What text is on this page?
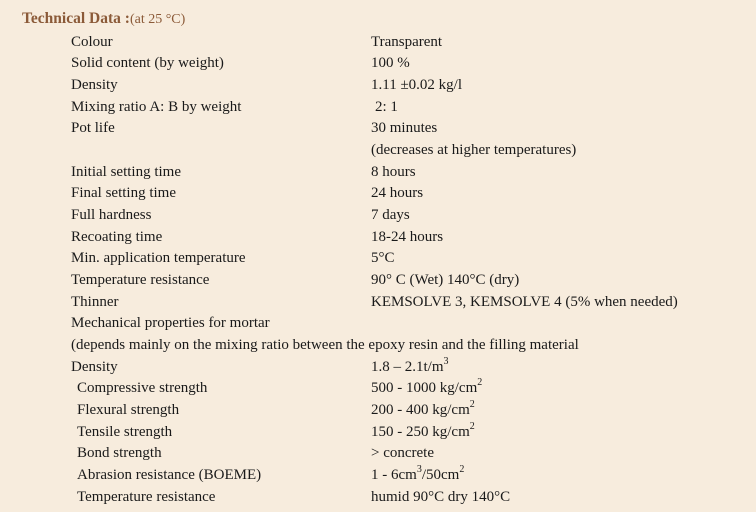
Technical Data :(at 25 °C)
Colour	Transparent
Solid content (by weight)	100 %
Density	1.11 ±0.02 kg/l
Mixing ratio A: B by weight	2: 1
Pot life	30 minutes
(decreases at higher temperatures)
Initial setting time	8 hours
Final setting time	24 hours
Full hardness	7 days
Recoating time	18-24 hours
Min. application temperature	5°C
Temperature resistance	90° C (Wet) 140°C (dry)
Thinner	KEMSOLVE 3, KEMSOLVE 4 (5% when needed)
Mechanical properties for mortar
(depends mainly on the mixing ratio between the epoxy resin and the filling material
Density	$1.8 - 2.1t/m^3$
Compressive strength	500 - 1000 $kg/cm^2$
Flexural strength	200 - 400 $kg/cm^2$
Tensile strength	150 - 250 $kg/cm^2$
Bond strength	> concrete
Abrasion resistance (BOEME)	$1 - 6cm^3/50cm^2$
Temperature resistance	humid 90°C dry 140°C
